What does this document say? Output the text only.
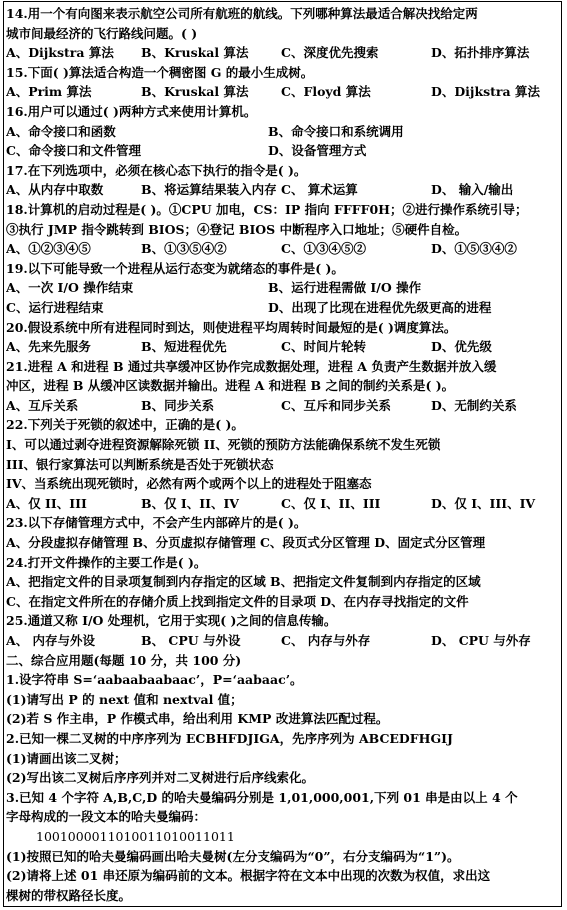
14.用一个有向图来表示航空公司所有航班的航线。下列哪种算法最适合解决找给定两
城市间最经济的飞行路线问题。( )
A、Dijkstra 算法	B、Kruskal 算法	C、深度优先搜索	D、拓扑排序算法
15.下面( )算法适合构造一个稠密图 G 的最小生成树。
A、Prim 算法	B、Kruskal 算法	C、Floyd 算法	D、Dijkstra 算法
16.用户可以通过( )两种方式来使用计算机。
A、命令接口和函数	B、命令接口和系统调用
C、命令接口和文件管理	D、设备管理方式
17.在下列选项中，必须在核心态下执行的指令是( )。
A、从内存中取数	B、将运算结果装入内存 C、 算术运算	D、 输入/输出
18.计算机的启动过程是( )。①CPU 加电，CS：IP 指向 FFFF0H；②进行操作系统引导；
③执行 JMP 指令跳转到 BIOS；④登记 BIOS 中断程序入口地址；⑤硬件自检。
A、①②③④⑤	B、①③⑤④②	C、①③④⑤②	D、①⑤③④②
19.以下可能导致一个进程从运行态变为就绪态的事件是( )。
A、一次 I/O 操作结束	B、运行进程需做 I/O 操作
C、运行进程结束	D、出现了比现在进程优先级更高的进程
20.假设系统中所有进程同时到达，则使进程平均周转时间最短的是( )调度算法。
A、先来先服务	B、短进程优先	C、时间片轮转	D、优先级
21.进程 A 和进程 B 通过共享缓冲区协作完成数据处理，进程 A 负责产生数据并放入缓
冲区，进程 B 从缓冲区读数据并输出。进程 A 和进程 B 之间的制约关系是( )。
A、互斥关系	B、同步关系	C、互斥和同步关系	D、无制约关系
22.下列关于死锁的叙述中，正确的是( )。
I、可以通过剥夺进程资源解除死锁 II、死锁的预防方法能确保系统不发生死锁
III、银行家算法可以判断系统是否处于死锁状态
IV、当系统出现死锁时，必然有两个或两个以上的进程处于阻塞态
A、仅 II、III	B、仅 I、II、IV	C、仅 I、II、III	D、仅 I、III、IV
23.以下存储管理方式中，不会产生内部碎片的是( )。
A、分段虚拟存储管理 B、分页虚拟存储管理 C、段页式分区管理 D、固定式分区管理
24.打开文件操作的主要工作是( )。
A、把指定文件的目录项复制到内存指定的区域 B、把指定文件复制到内存指定的区域
C、在指定文件所在的存储介质上找到指定文件的目录项 D、在内存寻找指定的文件
25.通道又称 I/O 处理机，它用于实现( )之间的信息传输。
A、 内存与外设	B、 CPU 与外设	C、 内存与外存	D、 CPU 与外存
二、综合应用题(每题 10 分，共 100 分)
1.设字符串 S=‘aabaabaabaac’，P=‘aabaac’。
(1)请写出 P 的 next 值和 nextval 值；
(2)若 S 作主串，P 作模式串，给出利用 KMP 改进算法匹配过程。
2.已知一棵二叉树的中序序列为 ECBHFDJIGA，先序序列为 ABCEDFHGIJ
(1)请画出该二叉树；
(2)写出该二叉树后序序列并对二叉树进行后序线索化。
3.已知 4 个字符 A,B,C,D 的哈夫曼编码分别是 1,01,000,001,下列 01 串是由以上 4 个
字母构成的一段文本的哈夫曼编码：
1001000011010011010011011
(1)按照已知的哈夫曼编码画出哈夫曼树(左分支编码为“0”，右分支编码为“1”)。
(2)请将上述 01 串还原为编码前的文本。根据字符在文本中出现的次数为权值，求出这
棵树的带权路径长度。
